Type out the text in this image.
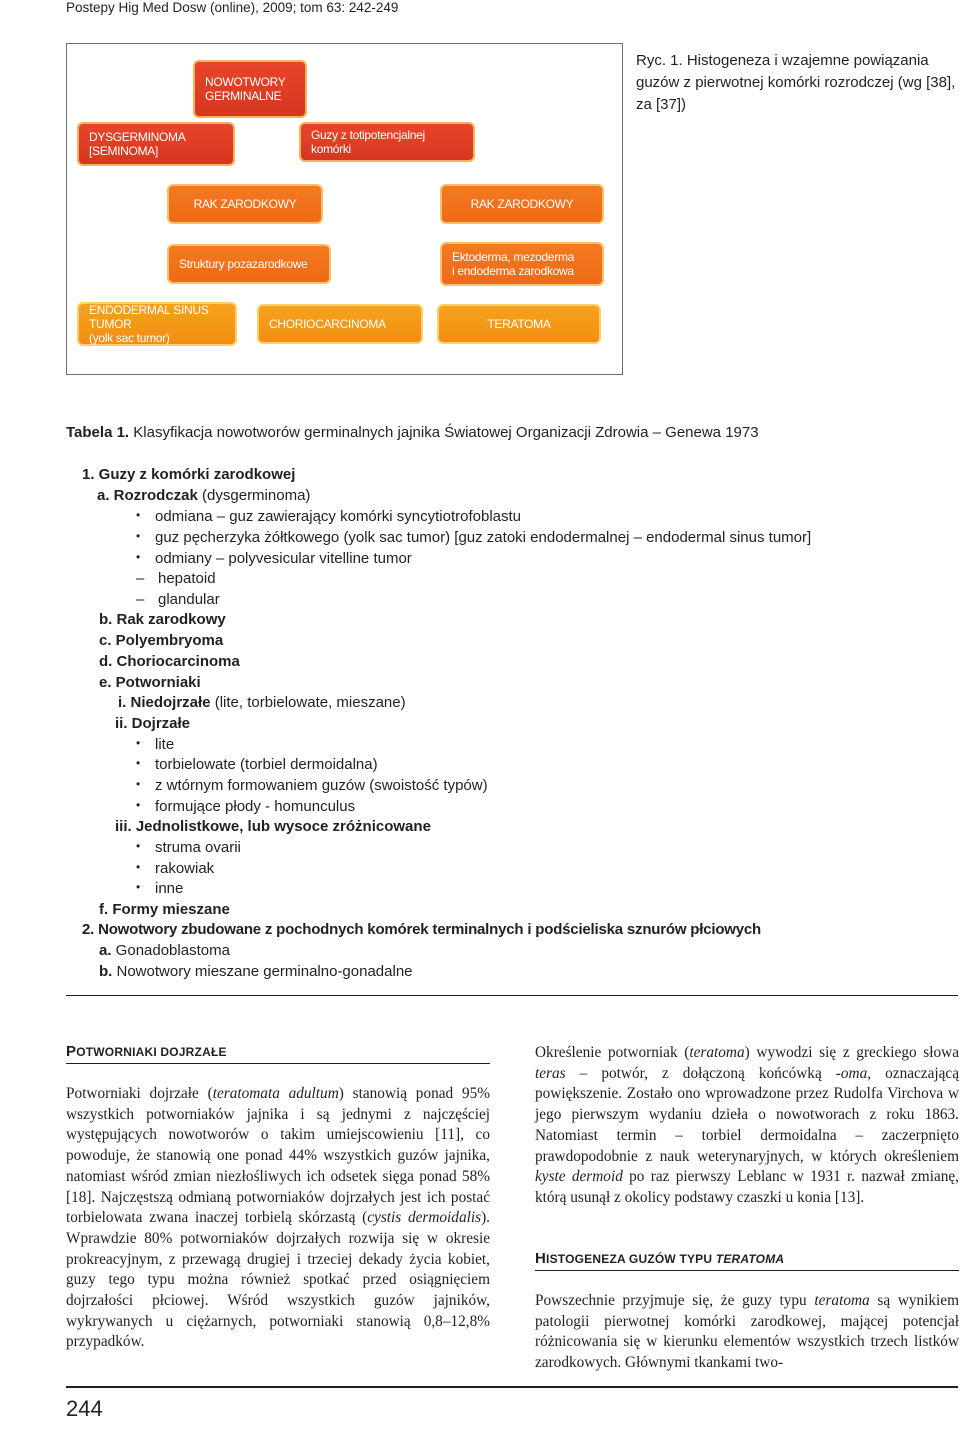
Postepy Hig Med Dosw (online), 2009; tom 63: 242-249
NOWOTWORY
GERMINALNE
DYSGERMINOMA
[SEMINOMA]
Guzy z totipotencjalnej komórki
RAK ZARODKOWY	RAK ZARODKOWY
Struktury pozazarodkowe	Ektoderma, mezoderma
i endoderma zarodkowa
ENDODERMAL SINUS TUMOR
(yolk sac tumor)
CHORIOCARCINOMA	TERATOMA
Ryc. 1. Histogeneza i wzajemne powiązania guzów z pierwotnej komórki rozrodczej (wg [38], za [37])
Tabela 1. Klasyfikacja nowotworów germinalnych jajnika Światowej Organizacji Zdrowia – Genewa 1973
1. Guzy z komórki zarodkowej
a. Rozrodczak (dysgerminoma)
• odmiana – guz zawierający komórki syncytiotrofoblastu
• guz pęcherzyka żółtkowego (yolk sac tumor) [guz zatoki endodermalnej – endodermal sinus tumor]
• odmiany – polyvesicular vitelline tumor
– hepatoid
– glandular
b. Rak zarodkowy
c. Polyembryoma
d. Choriocarcinoma
e. Potworniaki
i. Niedojrzałe (lite, torbielowate, mieszane)
ii. Dojrzałe
• lite
• torbielowate (torbiel dermoidalna)
• z wtórnym formowaniem guzów (swoistość typów)
• formujące płody - homunculus
iii. Jednolistkowe, lub wysoce zróżnicowane
• struma ovarii
• rakowiak
• inne
f. Formy mieszane
2. Nowotwory zbudowane z pochodnych komórek terminalnych i podścieliska sznurów płciowych
a. Gonadoblastoma
b. Nowotwory mieszane germinalno-gonadalne
POTWORNIAKI DOJRZAŁE
Potworniaki dojrzałe (teratomata adultum) stanowią ponad 95% wszystkich potworniaków jajnika i są jednymi z najczęściej występujących nowotworów o takim umiejscowieniu [11], co powoduje, że stanowią one ponad 44% wszystkich guzów jajnika, natomiast wśród zmian niezłośliwych ich odsetek sięga ponad 58% [18]. Najczęstszą odmianą potworniaków dojrzałych jest ich postać torbielowata zwana inaczej torbielą skórzastą (cystis dermoidalis). Wprawdzie 80% potworniaków dojrzałych rozwija się w okresie prokreacyjnym, z przewagą drugiej i trzeciej dekady życia kobiet, guzy tego typu można również spotkać przed osiągnięciem dojrzałości płciowej. Wśród wszystkich guzów jajników, wykrywanych u ciężarnych, potworniaki stanowią 0,8–12,8% przypadków.
Określenie potworniak (teratoma) wywodzi się z greckiego słowa teras – potwór, z dołączoną końcówką -oma, oznaczającą powiększenie. Zostało ono wprowadzone przez Rudolfa Virchova w jego pierwszym wydaniu dzieła o nowotworach z roku 1863. Natomiast termin – torbiel dermoidalna – zaczerpnięto prawdopodobnie z nauk weterynaryjnych, w których określeniem kyste dermoid po raz pierwszy Leblanc w 1931 r. nazwał zmianę, którą usunął z okolicy podstawy czaszki u konia [13].
HISTOGENEZA GUZÓW TYPU TERATOMA
Powszechnie przyjmuje się, że guzy typu teratoma są wynikiem patologii pierwotnej komórki zarodkowej, mającej potencjał różnicowania się w kierunku elementów wszystkich trzech listków zarodkowych. Głównymi tkankami two-
244
